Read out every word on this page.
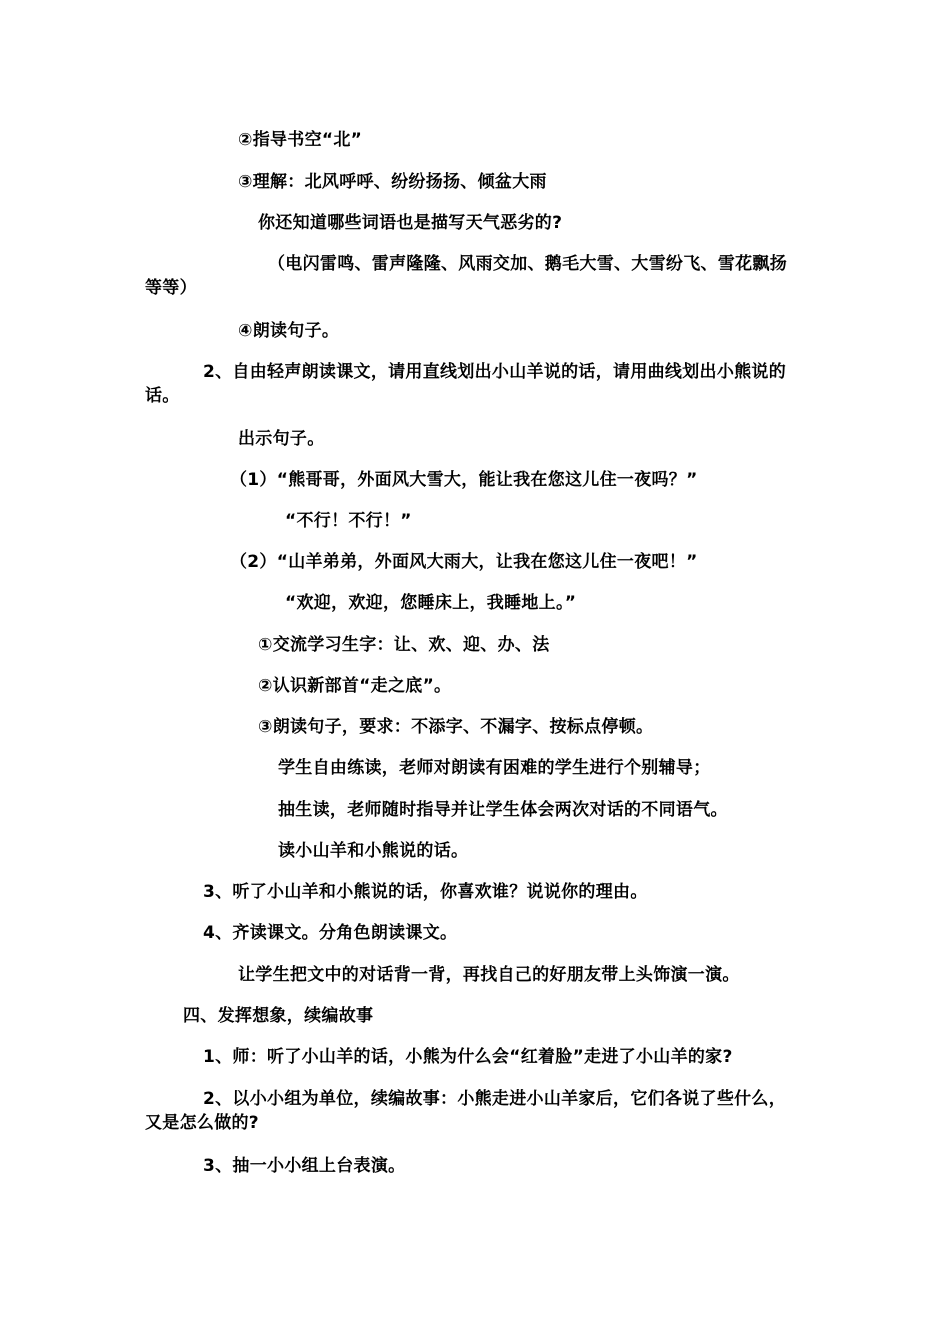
②指导书空“北”
③理解：北风呼呼、纷纷扬扬、倾盆大雨
你还知道哪些词语也是描写天气恶劣的?
（电闪雷鸣、雷声隆隆、风雨交加、鹅毛大雪、大雪纷飞、雪花飘扬等等）
④朗读句子。
2、自由轻声朗读课文，请用直线划出小山羊说的话，请用曲线划出小熊说的话。
出示句子。
（1）“熊哥哥，外面风大雪大，能让我在您这儿住一夜吗？”
“不行！不行！”
（2）“山羊弟弟，外面风大雨大，让我在您这儿住一夜吧！”
“欢迎，欢迎，您睡床上，我睡地上。”
①交流学习生字：让、欢、迎、办、法
②认识新部首“走之底”。
③朗读句子，要求：不添字、不漏字、按标点停顿。
学生自由练读，老师对朗读有困难的学生进行个别辅导；
抽生读，老师随时指导并让学生体会两次对话的不同语气。
读小山羊和小熊说的话。
3、听了小山羊和小熊说的话，你喜欢谁？说说你的理由。
4、齐读课文。分角色朗读课文。
让学生把文中的对话背一背，再找自己的好朋友带上头饰演一演。
四、发挥想象，续编故事
1、师：听了小山羊的话，小熊为什么会“红着脸”走进了小山羊的家?
2、以小小组为单位，续编故事：小熊走进小山羊家后，它们各说了些什么，又是怎么做的?
3、抽一小小组上台表演。
